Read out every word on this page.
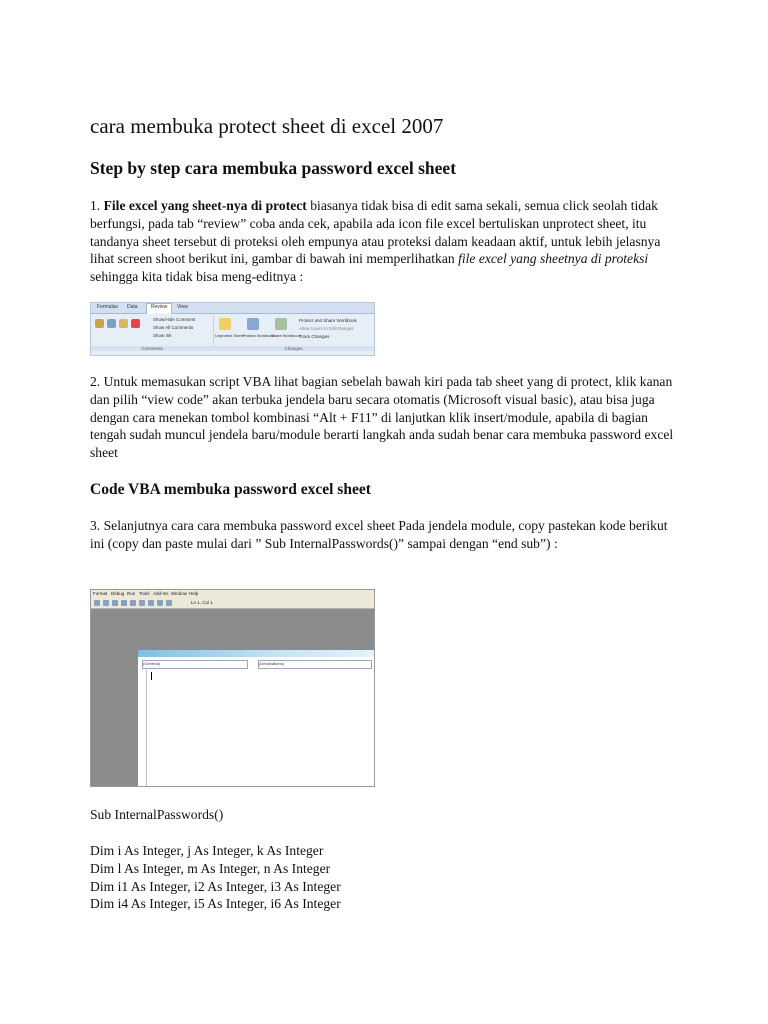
cara membuka protect sheet di excel 2007
Step by step cara membuka password excel sheet

1. File excel yang sheet-nya di protect biasanya tidak bisa di edit sama sekali, semua click seolah tidak berfungsi, pada tab “review” coba anda cek, apabila ada icon file excel bertuliskan unprotect sheet, itu tandanya sheet tersebut di proteksi oleh empunya atau proteksi dalam keadaan aktif, untuk lebih jelasnya lihat screen shoot berikut ini, gambar di bawah ini memperlihatkan file excel yang sheetnya di proteksi sehingga kita tidak bisa meng-editnya :

Formulas Data	Review	View
Show/Hide Comment
Show All Comments
Show Ink
Comments
Unprotect Sheet Protect Workbook
Share Workbook
Protect and Share Workbook
Allow Users to Edit Ranges
Track Changes
Changes

2. Untuk memasukan script VBA lihat bagian sebelah bawah kiri pada tab sheet yang di protect, klik kanan dan pilih “view code” akan terbuka jendela baru secara otomatis (Microsoft visual basic), atau bisa juga dengan cara menekan tombol kombinasi “Alt + F11” di lanjutkan klik insert/module, apabila di bagian tengah sudah muncul jendela baru/module berarti langkah anda sudah benar cara membuka password excel sheet

Code VBA membuka password excel sheet

3. Selanjutnya cara cara membuka password excel sheet Pada jendela module, copy pastekan kode berikut ini (copy dan paste mulai dari ” Sub InternalPasswords()” sampai dengan “end sub”) :

Format Debug Run Tools Add-Ins Window Help
Ln 1, Col 1
(General)	(Declarations)
Sub InternalPasswords()
Dim i As Integer, j As Integer, k As Integer
Dim l As Integer, m As Integer, n As Integer
Dim i1 As Integer, i2 As Integer, i3 As Integer
Dim i4 As Integer, i5 As Integer, i6 As Integer
